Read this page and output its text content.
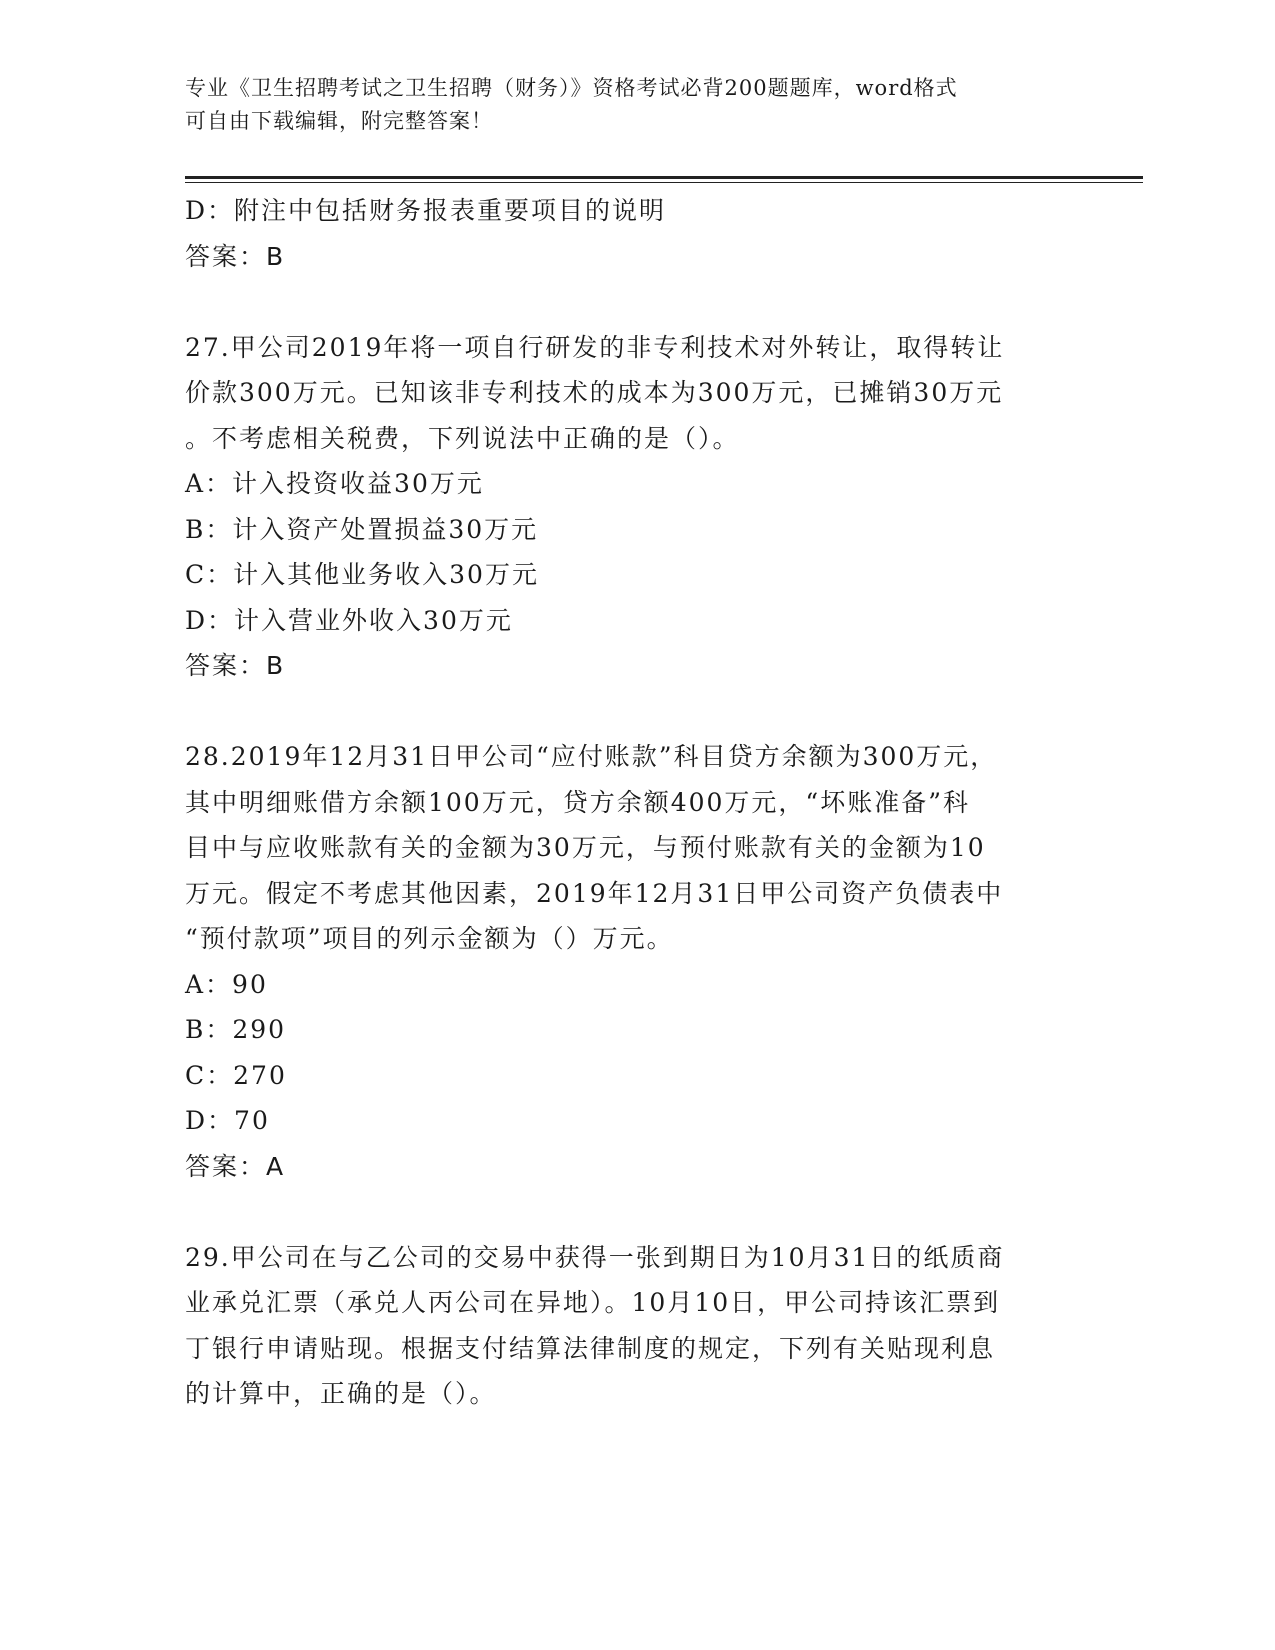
专业《卫生招聘考试之卫生招聘（财务）》资格考试必背200题题库，word格式
可自由下载编辑，附完整答案！
D：附注中包括财务报表重要项目的说明
答案：B
27.甲公司2019年将一项自行研发的非专利技术对外转让，取得转让
价款300万元。已知该非专利技术的成本为300万元，已摊销30万元
。不考虑相关税费，下列说法中正确的是（）。
A：计入投资收益30万元
B：计入资产处置损益30万元
C：计入其他业务收入30万元
D：计入营业外收入30万元
答案：B
28.2019年12月31日甲公司“应付账款”科目贷方余额为300万元，
其中明细账借方余额100万元，贷方余额400万元，“坏账准备”科
目中与应收账款有关的金额为30万元，与预付账款有关的金额为10
万元。假定不考虑其他因素，2019年12月31日甲公司资产负债表中
“预付款项”项目的列示金额为（）万元。
A：90
B：290
C：270
D：70
答案：A
29.甲公司在与乙公司的交易中获得一张到期日为10月31日的纸质商
业承兑汇票（承兑人丙公司在异地）。10月10日，甲公司持该汇票到
丁银行申请贴现。根据支付结算法律制度的规定，下列有关贴现利息
的计算中，正确的是（）。
